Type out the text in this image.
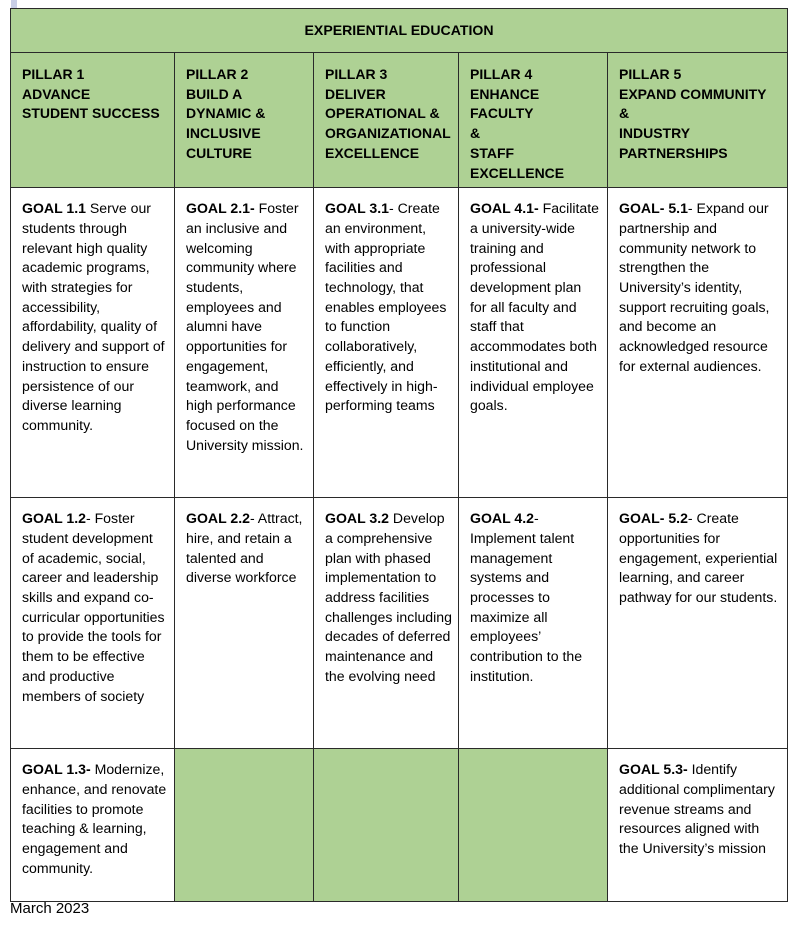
EXPERIENTIAL EDUCATION				

PILLAR 1
ADVANCE
STUDENT SUCCESS	PILLAR 2
BUILD A
DYNAMIC &
INCLUSIVE
CULTURE	PILLAR 3
DELIVER
OPERATIONAL &
ORGANIZATIONAL
EXCELLENCE	PILLAR 4
ENHANCE FACULTY
&
STAFF EXCELLENCE	PILLAR 5
EXPAND COMMUNITY
&
INDUSTRY
PARTNERSHIPS

GOAL 1.1 Serve our students through relevant high quality academic programs, with strategies for accessibility, affordability, quality of delivery and support of instruction to ensure persistence of our diverse learning community.	GOAL 2.1- Foster an inclusive and welcoming community where students, employees and alumni have opportunities for engagement, teamwork, and high performance focused on the University mission.	GOAL 3.1- Create an environment, with appropriate facilities and technology, that enables employees to function collaboratively, efficiently, and effectively in high-performing teams	GOAL 4.1- Facilitate a university-wide training and professional development plan for all faculty and staff that accommodates both institutional and individual employee goals.	GOAL- 5.1- Expand our partnership and community network to strengthen the University’s identity, support recruiting goals, and become an acknowledged resource for external audiences.
GOAL 1.2- Foster student development of academic, social, career and leadership skills and expand co-curricular opportunities to provide the tools for them to be effective and productive members of society	GOAL 2.2- Attract, hire, and retain a talented and diverse workforce	GOAL 3.2 Develop a comprehensive plan with phased implementation to address facilities challenges including decades of deferred maintenance and the evolving need	GOAL 4.2- Implement talent management systems and processes to maximize all employees’ contribution to the institution.	GOAL- 5.2- Create opportunities for engagement, experiential learning, and career pathway for our students.
GOAL 1.3- Modernize, enhance, and renovate facilities to promote teaching & learning, engagement and community.				GOAL 5.3- Identify additional complimentary revenue streams and resources aligned with the University’s mission
March 2023
